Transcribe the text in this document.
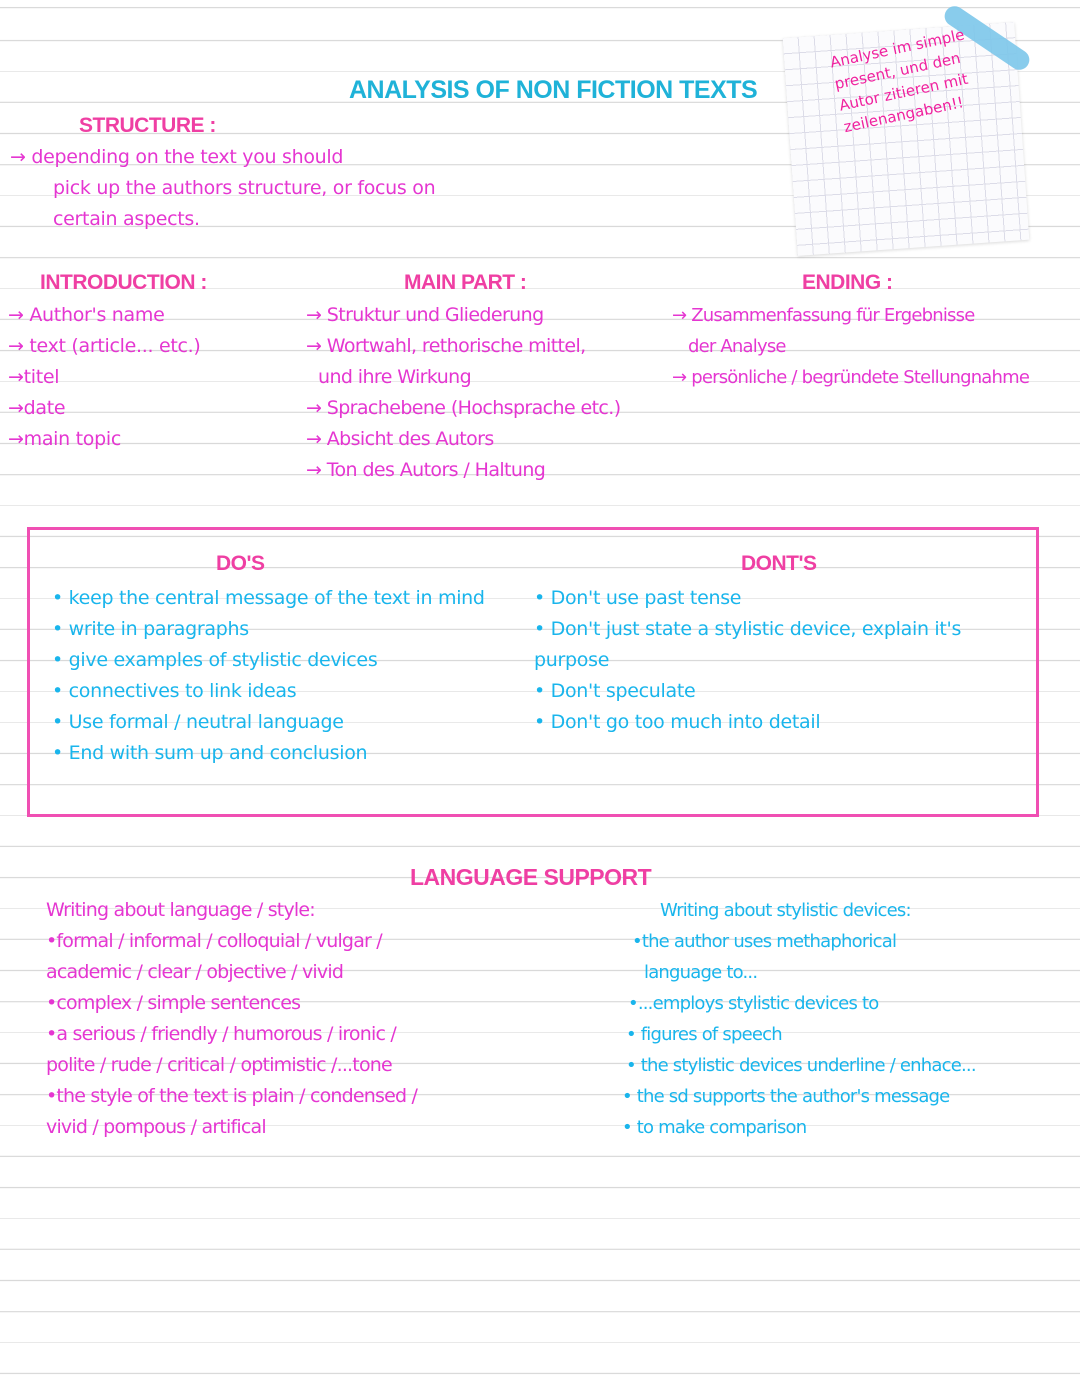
ANALYSIS OF NON FICTION TEXTS
Analyse im simple present, und den Autor zitieren mit zeilenangaben!!
STRUCTURE :
→ depending on the text you should
pick up the authors structure, or focus on
certain aspects.
INTRODUCTION :
→ Author's name
→ text (article... etc.)
→titel
→date
→main topic
MAIN PART :
→ Struktur und Gliederung
→ Wortwahl, rethorische mittel,
und ihre Wirkung
→ Sprachebene (Hochsprache etc.)
→ Absicht des Autors
→ Ton des Autors / Haltung
ENDING :
→ Zusammenfassung für Ergebnisse
der Analyse
→ persönliche / begründete Stellungnahme
DO'S
• keep the central message of the text in mind
• write in paragraphs
• give examples of stylistic devices
• connectives to link ideas
• Use formal / neutral language
• End with sum up and conclusion
DONT'S
• Don't use past tense
• Don't just state a stylistic device, explain it's purpose
• Don't speculate
• Don't go too much into detail
LANGUAGE SUPPORT
Writing about language / style:
•formal / informal / colloquial / vulgar /
academic / clear / objective / vivid
•complex / simple sentences
•a serious / friendly / humorous / ironic /
polite / rude / critical / optimistic /...tone
•the style of the text is plain / condensed /
vivid / pompous / artifical
Writing about stylistic devices:
•the author uses methaphorical
language to...
•...employs stylistic devices to
• figures of speech
• the stylistic devices underline / enhace...
• the sd supports the author's message
• to make comparison
